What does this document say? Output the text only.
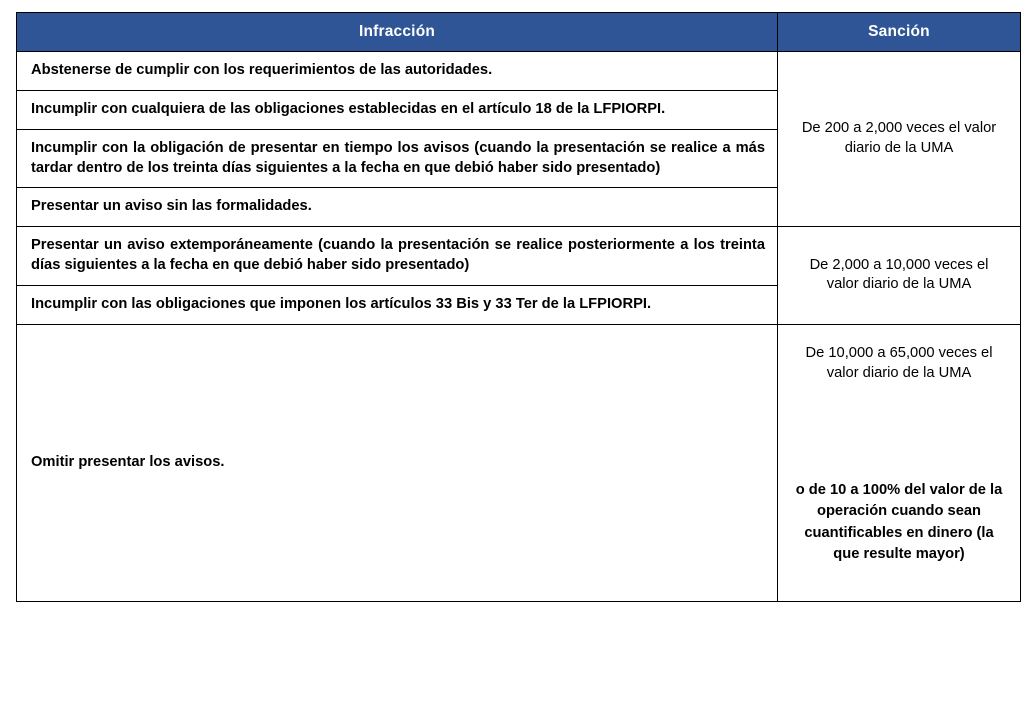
Infracción	Sanción
Abstenerse de cumplir con los requerimientos de las autoridades.	De 200 a 2,000 veces el valor diario de la UMA
Incumplir con cualquiera de las obligaciones establecidas en el artículo 18 de la LFPIORPI.	
Incumplir con la obligación de presentar en tiempo los avisos (cuando la presentación se realice a más tardar dentro de los treinta días siguientes a la fecha en que debió haber sido presentado)	
Presentar un aviso sin las formalidades.	
Presentar un aviso extemporáneamente (cuando la presentación se realice posteriormente a los treinta días siguientes a la fecha en que debió haber sido presentado)	De 2,000 a 10,000 veces el valor diario de la UMA
Incumplir con las obligaciones que imponen los artículos 33 Bis y 33 Ter de la LFPIORPI.	
Omitir presentar los avisos.	De 10,000 a 65,000 veces el valor diario de la UMA
o de 10 a 100% del valor de la operación cuando sean cuantificables en dinero (la que resulte mayor)
